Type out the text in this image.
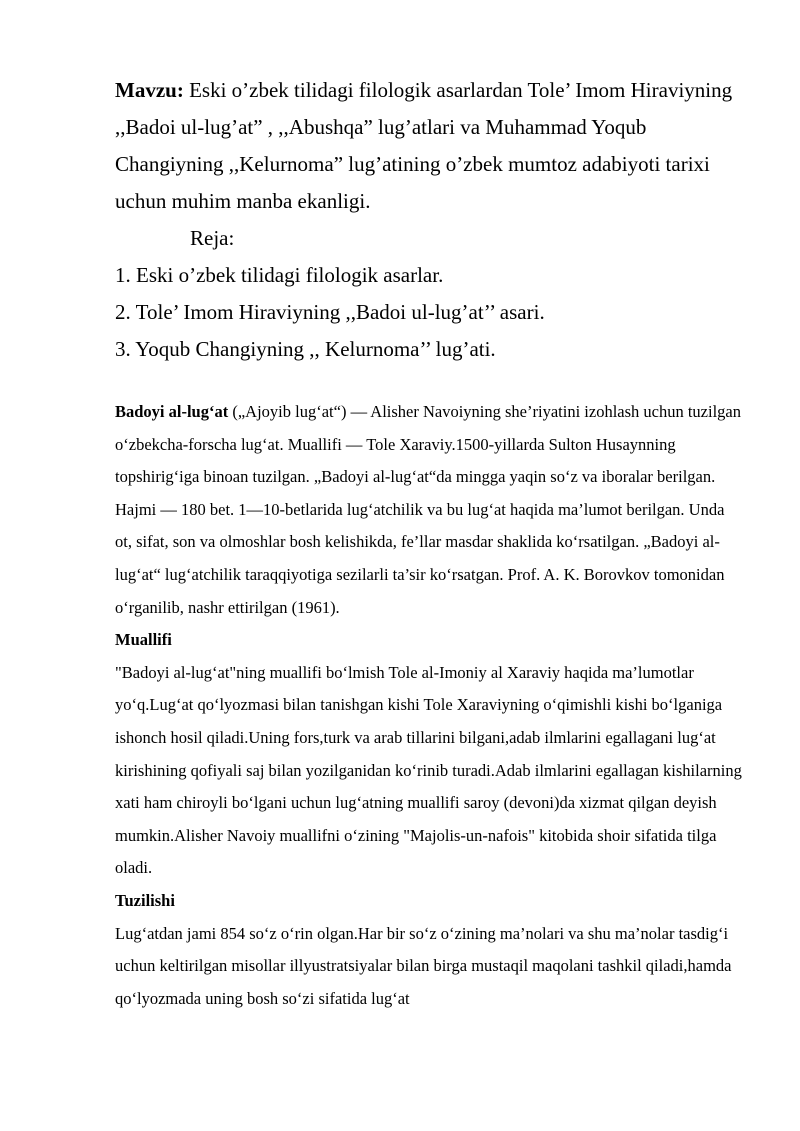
Mavzu: Eski o’zbek tilidagi filologik asarlardan Tole’ Imom Hiraviyning ,,Badoi ul-lug’at” , ,,Abushqa” lug’atlari va Muhammad Yoqub Changiyning ,,Kelurnoma” lug’atining o’zbek mumtoz adabiyoti tarixi uchun muhim manba ekanligi.

Reja:

1. Eski o’zbek tilidagi filologik asarlar.

2. Tole’ Imom Hiraviyning ,,Badoi ul-lug’at’’ asari.

3. Yoqub Changiyning ,, Kelurnoma’’ lug’ati.

Badoyi al-lug‘at („Ajoyib lug‘at“) — Alisher Navoiyning she’riyatini izohlash uchun tuzilgan o‘zbekcha-forscha lug‘at. Muallifi — Tole Xaraviy.1500-yillarda Sulton Husaynning topshirig‘iga binoan tuzilgan. „Badoyi al-lug‘at“da mingga yaqin so‘z va iboralar berilgan. Hajmi — 180 bet. 1—10-betlarida lug‘atchilik va bu lug‘at haqida ma’lumot berilgan. Unda ot, sifat, son va olmoshlar bosh kelishikda, fe’llar masdar shaklida ko‘rsatilgan. „Badoyi al-lug‘at“ lug‘atchilik taraqqiyotiga sezilarli ta’sir ko‘rsatgan. Prof. A. K. Borovkov tomonidan o‘rganilib, nashr ettirilgan (1961).

Muallifi

"Badoyi al-lug‘at"ning muallifi bo‘lmish Tole al-Imoniy al Xaraviy haqida ma’lumotlar yo‘q.Lug‘at qo‘lyozmasi bilan tanishgan kishi Tole Xaraviyning o‘qimishli kishi bo‘lganiga ishonch hosil qiladi.Uning fors,turk va arab tillarini bilgani,adab ilmlarini egallagani lug‘at kirishining qofiyali saj bilan yozilganidan ko‘rinib turadi.Adab ilmlarini egallagan kishilarning xati ham chiroyli bo‘lgani uchun lug‘atning muallifi saroy (devoni)da xizmat qilgan deyish mumkin.Alisher Navoiy muallifni o‘zining "Majolis-un-nafois" kitobida shoir sifatida tilga oladi.

Tuzilishi

Lug‘atdan jami 854 so‘z o‘rin olgan.Har bir so‘z o‘zining ma’nolari va shu ma’nolar tasdig‘i uchun keltirilgan misollar illyustratsiyalar bilan birga mustaqil maqolani tashkil qiladi,hamda qo‘lyozmada uning bosh so‘zi sifatida lug‘at
